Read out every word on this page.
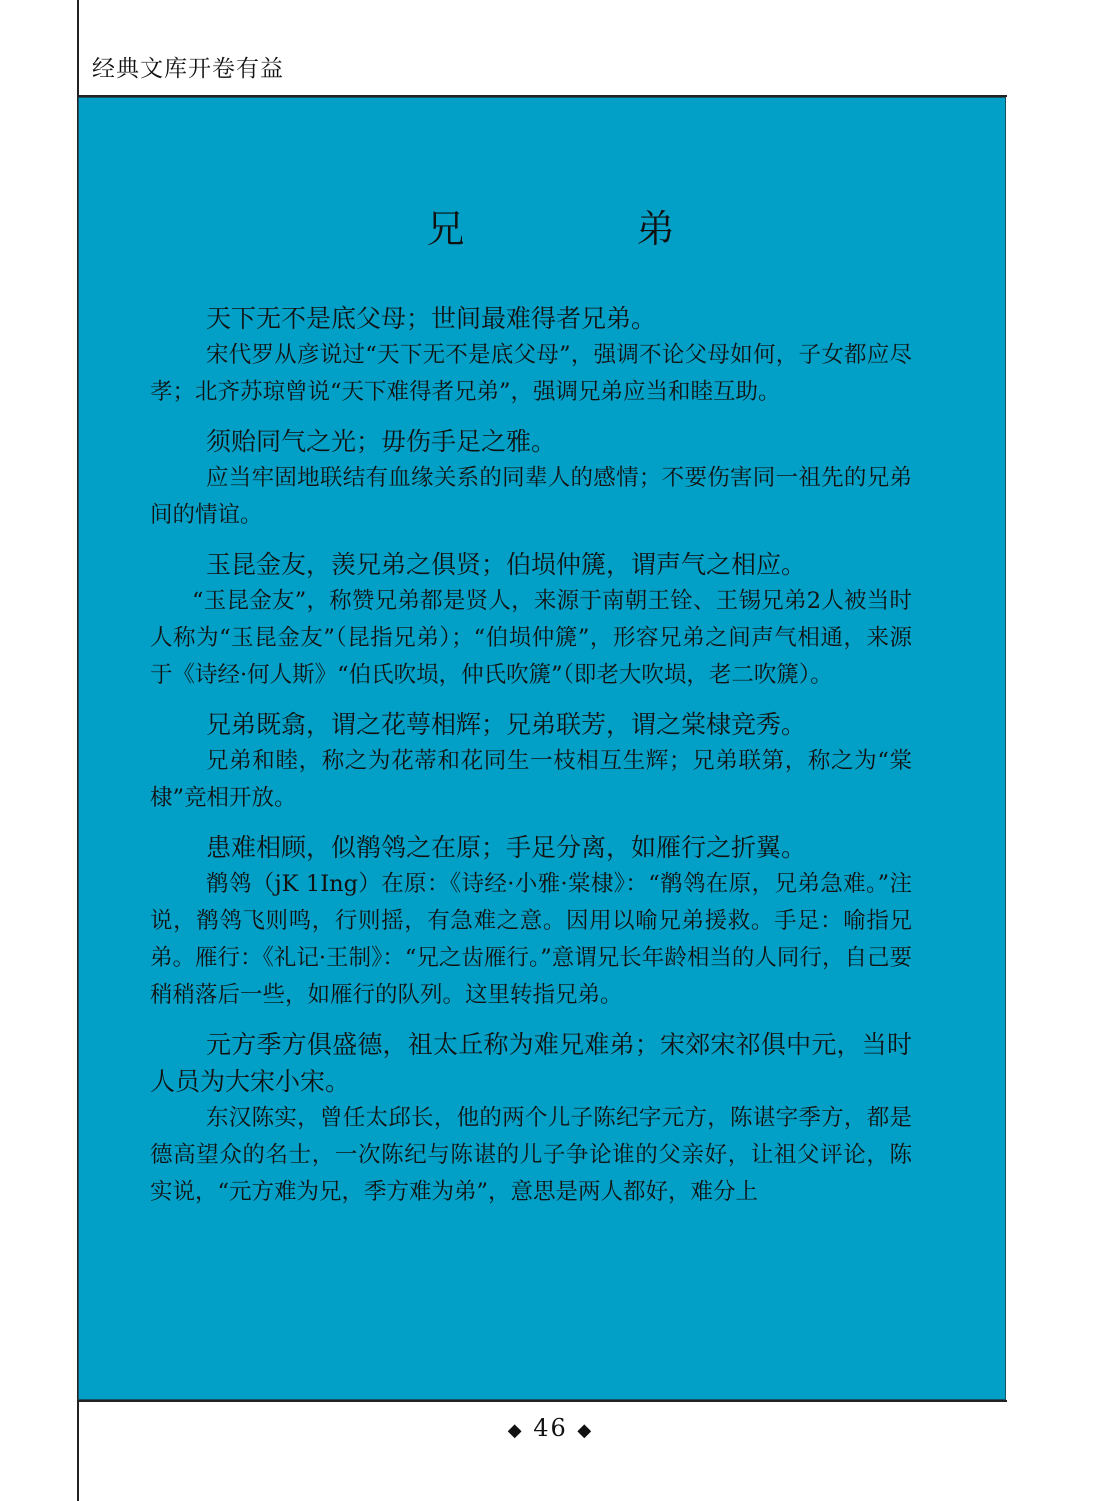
经典文库开卷有益
兄 弟
天下无不是底父母；世间最难得者兄弟。
宋代罗从彦说过“天下无不是底父母”，强调不论父母如何，子女都应尽孝；北齐苏琼曾说“天下难得者兄弟”，强调兄弟应当和睦互助。
须贻同气之光；毋伤手足之雅。
应当牢固地联结有血缘关系的同辈人的感情；不要伤害同一祖先的兄弟间的情谊。
玉昆金友，羡兄弟之俱贤；伯埙仲篪，谓声气之相应。
“玉昆金友”，称赞兄弟都是贤人，来源于南朝王铨、王锡兄弟2人被当时人称为“玉昆金友”（昆指兄弟）；“伯埙仲篪”，形容兄弟之间声气相通，来源于《诗经·何人斯》“伯氏吹埙，仲氏吹篪”（即老大吹埙，老二吹篪）。
兄弟既翕，谓之花萼相辉；兄弟联芳，谓之棠棣竞秀。
兄弟和睦，称之为花蒂和花同生一枝相互生辉；兄弟联第，称之为“棠棣”竞相开放。
患难相顾，似鹡鸰之在原；手足分离，如雁行之折翼。
鹡鸰（jK 1Ing）在原：《诗经·小雅·棠棣》：“鹡鸰在原，兄弟急难。”注说，鹡鸰飞则鸣，行则摇，有急难之意。因用以喻兄弟援救。手足：喻指兄弟。雁行：《礼记·王制》：“兄之齿雁行。”意谓兄长年龄相当的人同行，自己要 稍稍落后一些，如雁行的队列。这里转指兄弟。
元方季方俱盛德，祖太丘称为难兄难弟；宋郊宋祁俱中元，当时人员为大宋小宋。
东汉陈实，曾任太邱长，他的两个儿子陈纪字元方，陈谌字季方，都是德高望众的名士，一次陈纪与陈谌的儿子争论谁的父亲好，让祖父评论，陈实说，“元方难为兄，季方难为弟”，意思是两人都好，难分上
◆ 46 ◆
